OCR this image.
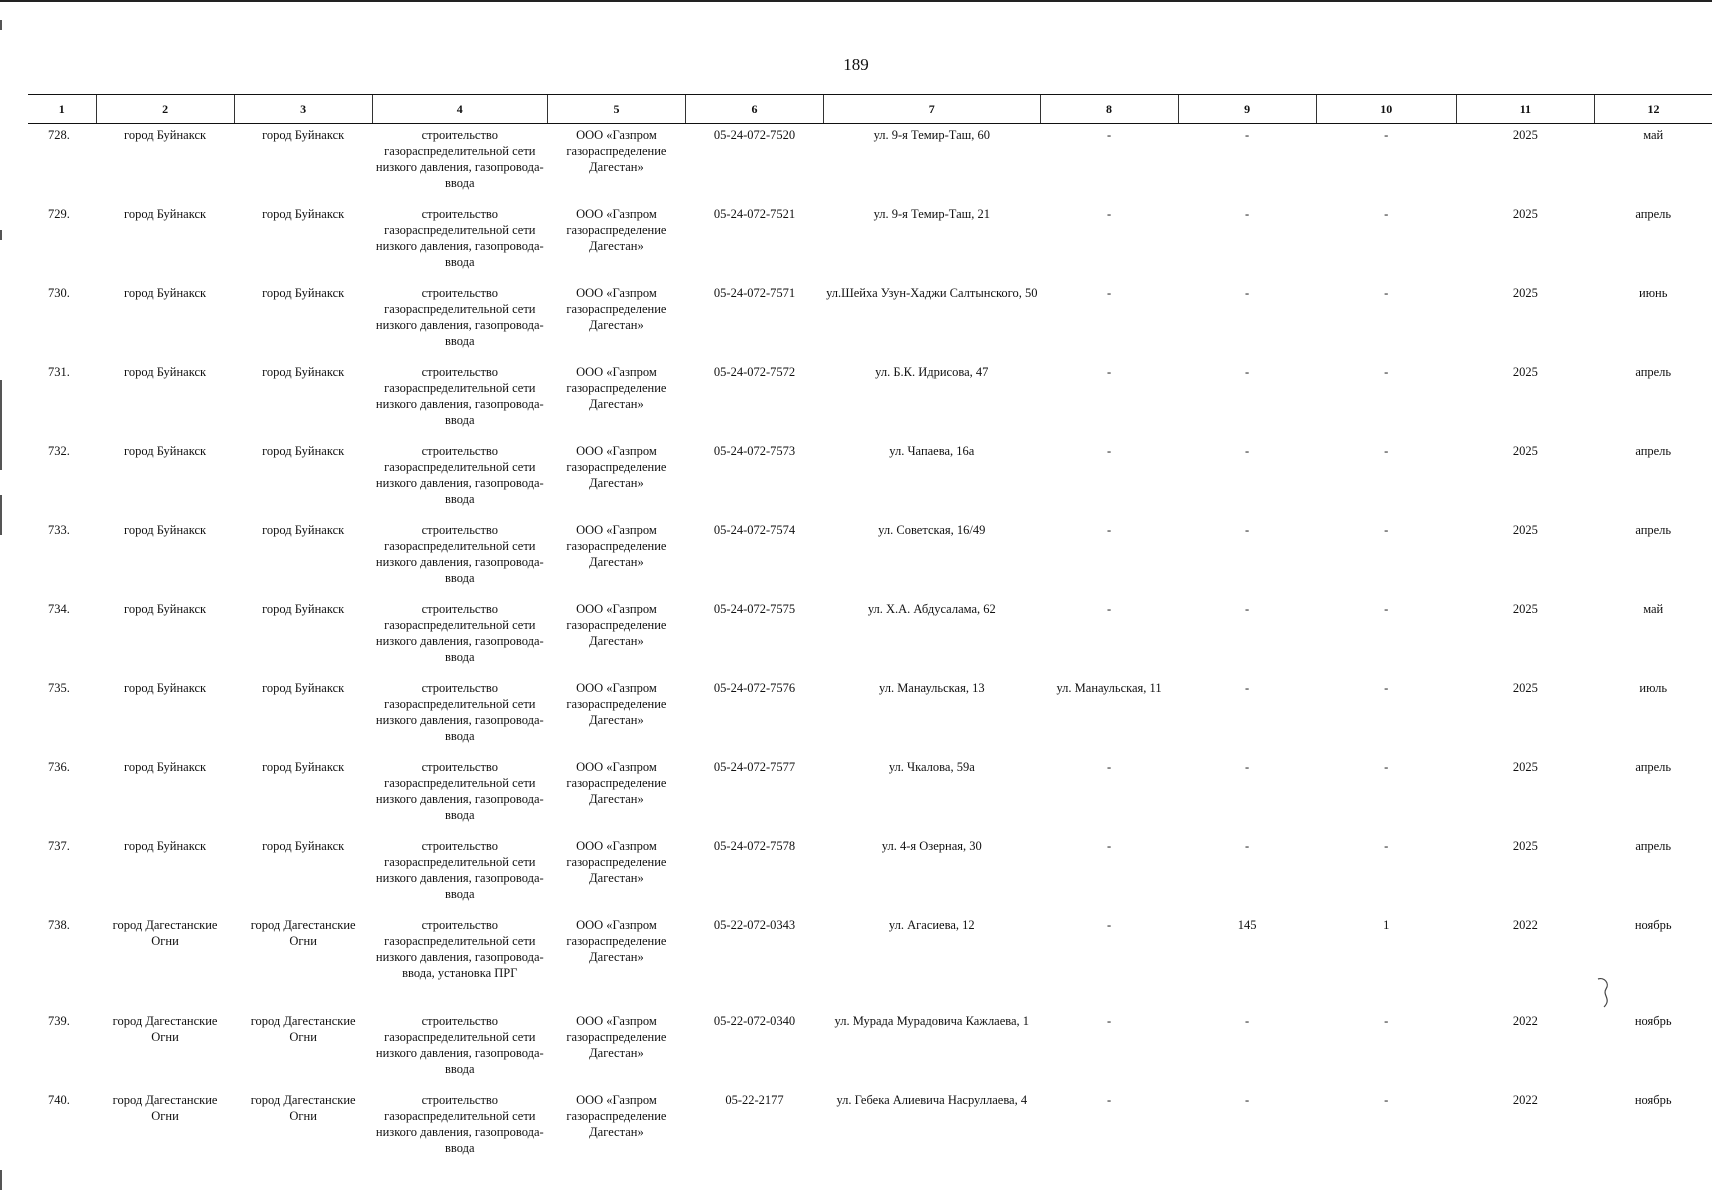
189
1	2	3	4	5	6	7	8	9	10	11	12
728.	город Буйнакск	город Буйнакск	строительство газораспределительной сети низкого давления, газопровода-ввода	ООО «Газпром газораспределение Дагестан»	05-24-072-7520	ул. 9-я Темир-Таш, 60	-	-	-	2025	май
729.	город Буйнакск	город Буйнакск	строительство газораспределительной сети низкого давления, газопровода-ввода	ООО «Газпром газораспределение Дагестан»	05-24-072-7521	ул. 9-я Темир-Таш, 21	-	-	-	2025	апрель
730.	город Буйнакск	город Буйнакск	строительство газораспределительной сети низкого давления, газопровода-ввода	ООО «Газпром газораспределение Дагестан»	05-24-072-7571	ул.Шейха Узун-Хаджи Салтынского, 50	-	-	-	2025	июнь
731.	город Буйнакск	город Буйнакск	строительство газораспределительной сети низкого давления, газопровода-ввода	ООО «Газпром газораспределение Дагестан»	05-24-072-7572	ул. Б.К. Идрисова, 47	-	-	-	2025	апрель
732.	город Буйнакск	город Буйнакск	строительство газораспределительной сети низкого давления, газопровода-ввода	ООО «Газпром газораспределение Дагестан»	05-24-072-7573	ул. Чапаева, 16а	-	-	-	2025	апрель
733.	город Буйнакск	город Буйнакск	строительство газораспределительной сети низкого давления, газопровода-ввода	ООО «Газпром газораспределение Дагестан»	05-24-072-7574	ул. Советская, 16/49	-	-	-	2025	апрель
734.	город Буйнакск	город Буйнакск	строительство газораспределительной сети низкого давления, газопровода-ввода	ООО «Газпром газораспределение Дагестан»	05-24-072-7575	ул. Х.А. Абдусалама, 62	-	-	-	2025	май
735.	город Буйнакск	город Буйнакск	строительство газораспределительной сети низкого давления, газопровода-ввода	ООО «Газпром газораспределение Дагестан»	05-24-072-7576	ул. Манаульская, 13	ул. Манаульская, 11	-	-	2025	июль
736.	город Буйнакск	город Буйнакск	строительство газораспределительной сети низкого давления, газопровода-ввода	ООО «Газпром газораспределение Дагестан»	05-24-072-7577	ул. Чкалова, 59а	-	-	-	2025	апрель
737.	город Буйнакск	город Буйнакск	строительство газораспределительной сети низкого давления, газопровода-ввода	ООО «Газпром газораспределение Дагестан»	05-24-072-7578	ул. 4-я Озерная, 30	-	-	-	2025	апрель
738.	город Дагестанские Огни	город Дагестанские Огни	строительство газораспределительной сети низкого давления, газопровода-ввода, установка ПРГ	ООО «Газпром газораспределение Дагестан»	05-22-072-0343	ул. Агасиева, 12	-	145	1	2022	ноябрь
739.	город Дагестанские Огни	город Дагестанские Огни	строительство газораспределительной сети низкого давления, газопровода-ввода	ООО «Газпром газораспределение Дагестан»	05-22-072-0340	ул. Мурада Мурадовича Кажлаева, 1	-	-	-	2022	ноябрь
740.	город Дагестанские Огни	город Дагестанские Огни	строительство газораспределительной сети низкого давления, газопровода-ввода	ООО «Газпром газораспределение Дагестан»	05-22-2177	ул. Гебека Алиевича Насруллаева, 4	-	-	-	2022	ноябрь
